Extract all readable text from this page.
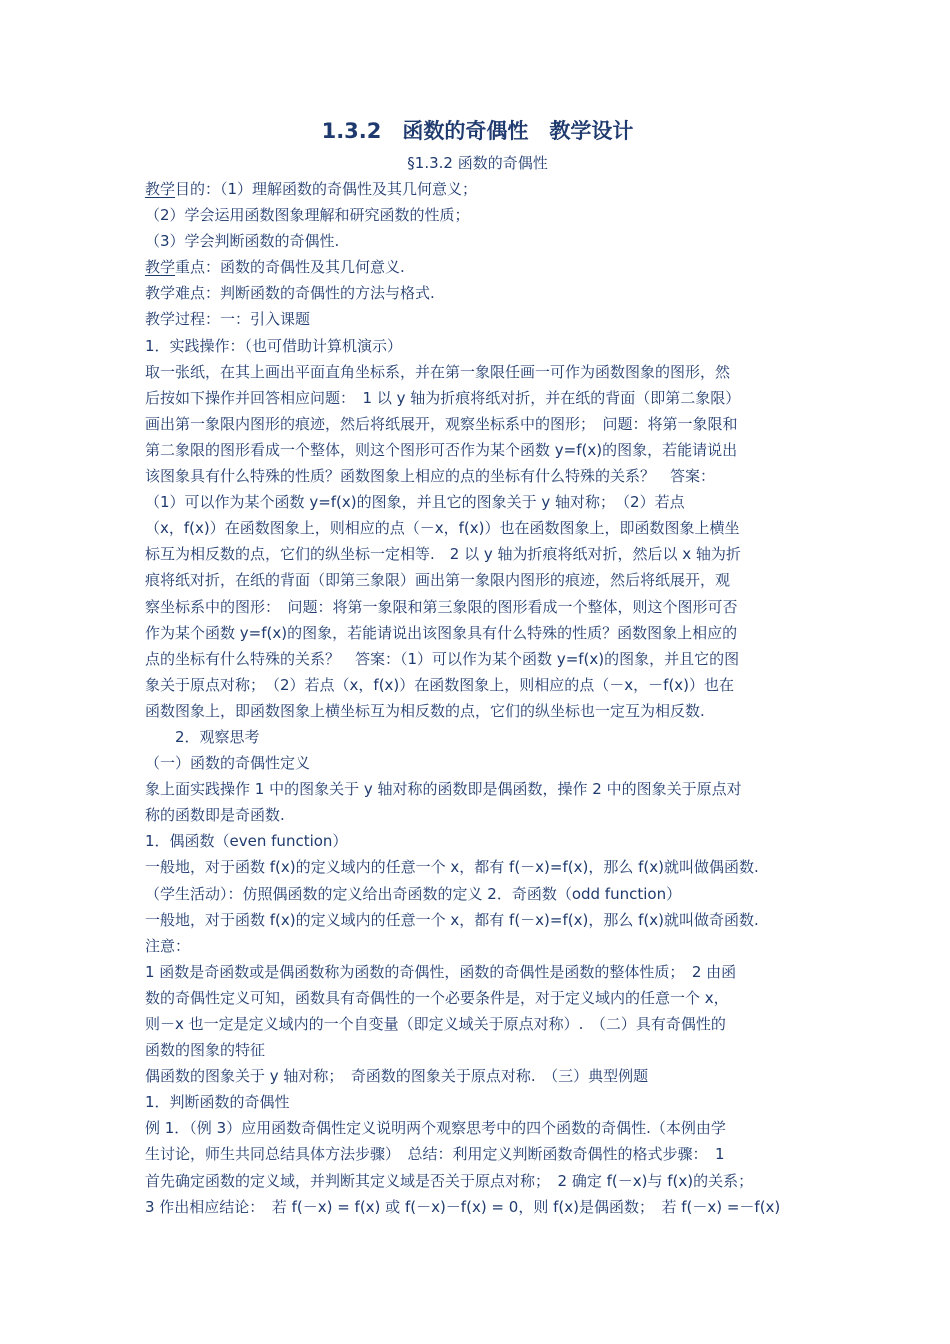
1.3.2　函数的奇偶性　教学设计

§1.3.2 函数的奇偶性

教学目的：（1）理解函数的奇偶性及其几何意义；

（2）学会运用函数图象理解和研究函数的性质；

（3）学会判断函数的奇偶性.

教学重点：函数的奇偶性及其几何意义.

教学难点：判断函数的奇偶性的方法与格式.

教学过程：一：引入课题

1．实践操作：（也可借助计算机演示）

取一张纸，在其上画出平面直角坐标系，并在第一象限任画一可作为函数图象的图形，然

后按如下操作并回答相应问题：　1 以 y 轴为折痕将纸对折，并在纸的背面（即第二象限）

画出第一象限内图形的痕迹，然后将纸展开，观察坐标系中的图形；　问题：将第一象限和

第二象限的图形看成一个整体，则这个图形可否作为某个函数 y=f(x)的图象，若能请说出

该图象具有什么特殊的性质？函数图象上相应的点的坐标有什么特殊的关系？　答案：

（1）可以作为某个函数 y=f(x)的图象，并且它的图象关于 y 轴对称；　（2）若点

（x，f(x)）在函数图象上，则相应的点（－x，f(x)）也在函数图象上，即函数图象上横坐

标互为相反数的点，它们的纵坐标一定相等.　2 以 y 轴为折痕将纸对折，然后以 x 轴为折

痕将纸对折，在纸的背面（即第三象限）画出第一象限内图形的痕迹，然后将纸展开，观

察坐标系中的图形：　问题：将第一象限和第三象限的图形看成一个整体，则这个图形可否

作为某个函数 y=f(x)的图象，若能请说出该图象具有什么特殊的性质？函数图象上相应的

点的坐标有什么特殊的关系？　答案：（1）可以作为某个函数 y=f(x)的图象，并且它的图

象关于原点对称；　（2）若点（x，f(x)）在函数图象上，则相应的点（－x，－f(x)）也在

函数图象上，即函数图象上横坐标互为相反数的点，它们的纵坐标也一定互为相反数.

2．观察思考

（一）函数的奇偶性定义

象上面实践操作 1 中的图象关于 y 轴对称的函数即是偶函数，操作 2 中的图象关于原点对

称的函数即是奇函数.

1．偶函数（even function）

一般地，对于函数 f(x)的定义域内的任意一个 x，都有 f(－x)=f(x)，那么 f(x)就叫做偶函数.

（学生活动）：仿照偶函数的定义给出奇函数的定义 2．奇函数（odd function）

一般地，对于函数 f(x)的定义域内的任意一个 x，都有 f(－x)=f(x)，那么 f(x)就叫做奇函数.

注意：

1 函数是奇函数或是偶函数称为函数的奇偶性，函数的奇偶性是函数的整体性质；　2 由函

数的奇偶性定义可知，函数具有奇偶性的一个必要条件是，对于定义域内的任意一个 x，

则－x 也一定是定义域内的一个自变量（即定义域关于原点对称）.　（二）具有奇偶性的

函数的图象的特征

偶函数的图象关于 y 轴对称；　奇函数的图象关于原点对称.　（三）典型例题

1．判断函数的奇偶性

例 1．（例 3）应用函数奇偶性定义说明两个观察思考中的四个函数的奇偶性.（本例由学

生讨论，师生共同总结具体方法步骤）　总结：利用定义判断函数奇偶性的格式步骤：　1

首先确定函数的定义域，并判断其定义域是否关于原点对称；　2 确定 f(－x)与 f(x)的关系；

3 作出相应结论：　若 f(－x) = f(x) 或 f(－x)－f(x) = 0，则 f(x)是偶函数；　若 f(－x) =－f(x)
